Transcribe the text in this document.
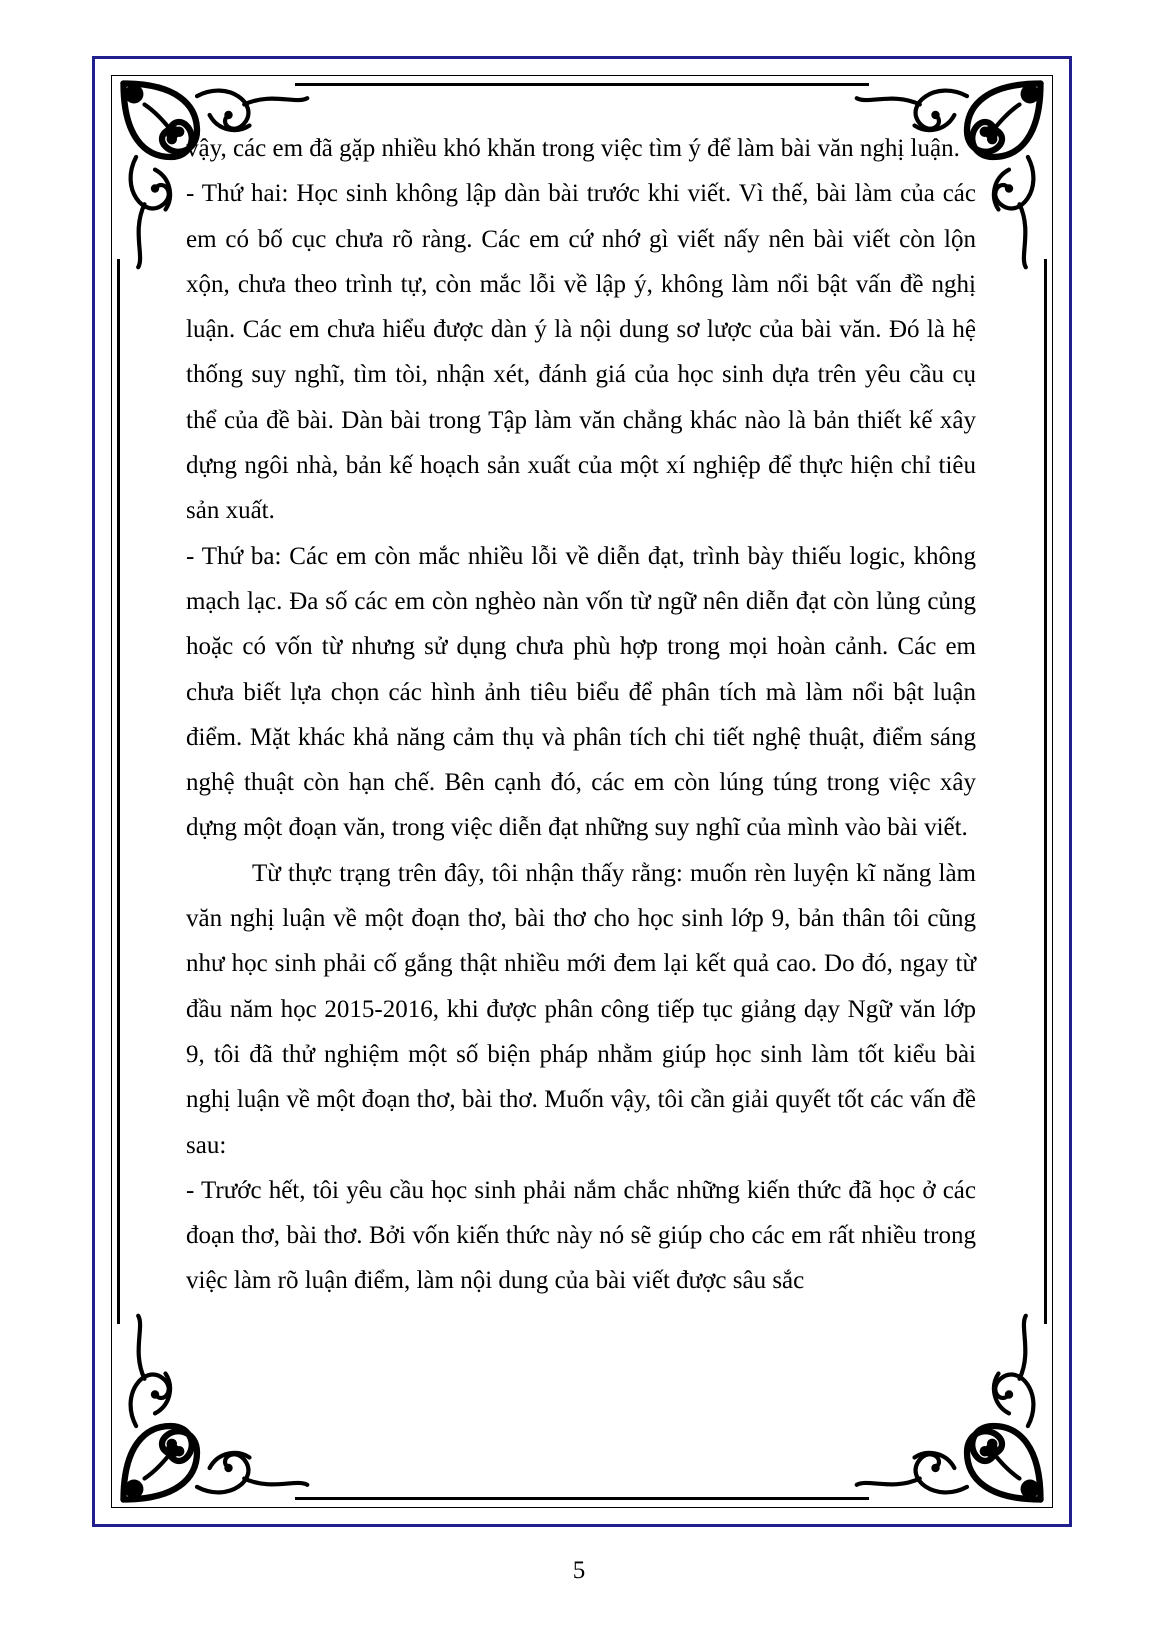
vậy, các em đã gặp nhiều khó khăn trong việc tìm ý để làm bài văn nghị luận.

- Thứ hai: Học sinh không lập dàn bài trước khi viết. Vì thế, bài làm của các em có bố cục chưa rõ ràng. Các em cứ nhớ gì viết nấy nên bài viết còn lộn xộn, chưa theo trình tự, còn mắc lỗi về lập ý, không làm nổi bật vấn đề nghị luận. Các em chưa hiểu được dàn ý là nội dung sơ lược của bài văn. Đó là hệ thống suy nghĩ, tìm tòi, nhận xét, đánh giá của học sinh dựa trên yêu cầu cụ thể của đề bài. Dàn bài trong Tập làm văn chẳng khác nào là bản thiết kế xây dựng ngôi nhà, bản kế hoạch sản xuất của một xí nghiệp để thực hiện chỉ tiêu sản xuất.

- Thứ ba: Các em còn mắc nhiều lỗi về diễn đạt, trình bày thiếu logic, không mạch lạc. Đa số các em còn nghèo nàn vốn từ ngữ nên diễn đạt còn lủng củng hoặc có vốn từ nhưng sử dụng chưa phù hợp trong mọi hoàn cảnh. Các em chưa biết lựa chọn các hình ảnh tiêu biểu để phân tích mà làm nổi bật luận điểm. Mặt khác khả năng cảm thụ và phân tích chi tiết nghệ thuật, điểm sáng nghệ thuật còn hạn chế. Bên cạnh đó, các em còn lúng túng trong việc xây dựng một đoạn văn, trong việc diễn đạt những suy nghĩ của mình vào bài viết.

Từ thực trạng trên đây, tôi nhận thấy rằng: muốn rèn luyện kĩ năng làm văn nghị luận về một đoạn thơ, bài thơ cho học sinh lớp 9, bản thân tôi cũng như học sinh phải cố gắng thật nhiều mới đem lại kết quả cao. Do đó, ngay từ đầu năm học 2015-2016, khi được phân công tiếp tục giảng dạy Ngữ văn lớp 9, tôi đã thử nghiệm một số biện pháp nhằm giúp học sinh làm tốt kiểu bài nghị luận về một đoạn thơ, bài thơ. Muốn vậy, tôi cần giải quyết tốt các vấn đề sau:

- Trước hết, tôi yêu cầu học sinh phải nắm chắc những kiến thức đã học ở các đoạn thơ, bài thơ. Bởi vốn kiến thức này nó sẽ giúp cho các em rất nhiều trong việc làm rõ luận điểm, làm nội dung của bài viết được sâu sắc

5
